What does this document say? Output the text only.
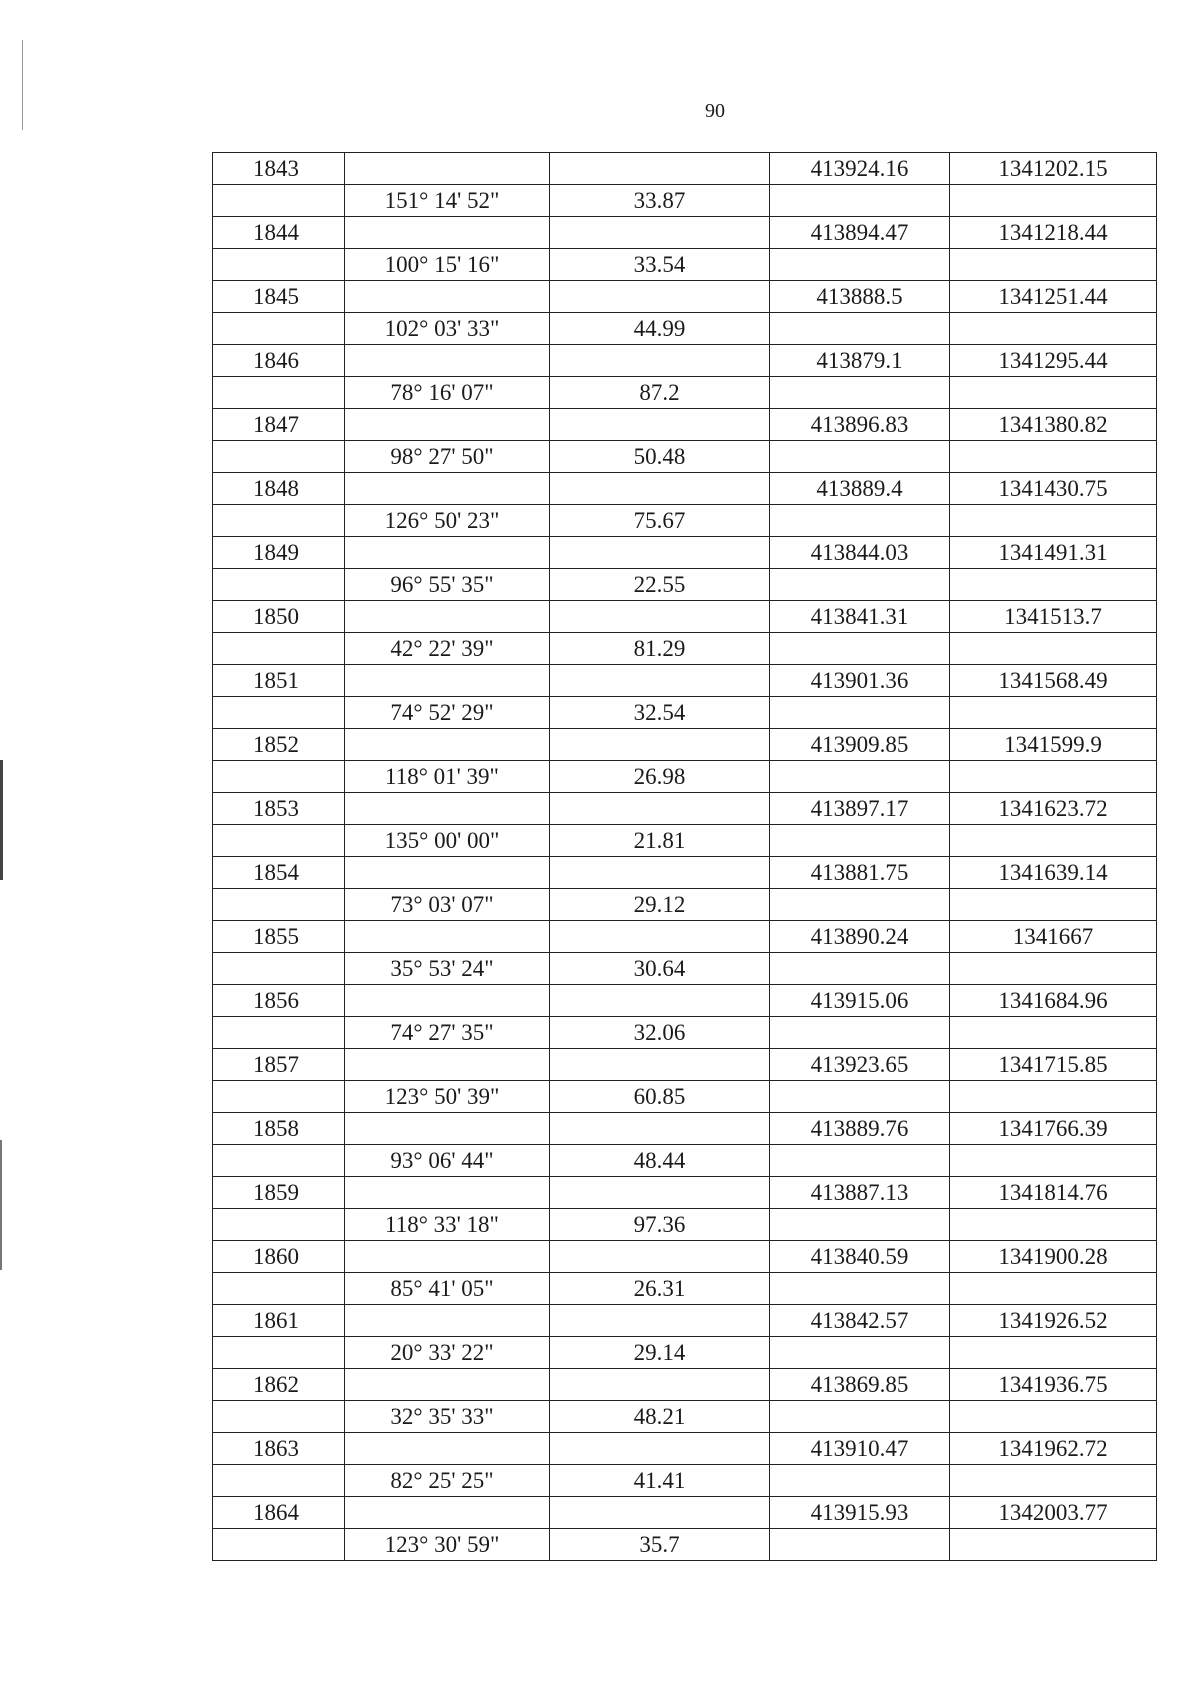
90
1843			413924.16	1341202.15
	151° 14' 52"	33.87		
1844			413894.47	1341218.44
	100° 15' 16"	33.54		
1845			413888.5	1341251.44
	102° 03' 33"	44.99		
1846			413879.1	1341295.44
	78° 16' 07"	87.2		
1847			413896.83	1341380.82
	98° 27' 50"	50.48		
1848			413889.4	1341430.75
	126° 50' 23"	75.67		
1849			413844.03	1341491.31
	96° 55' 35"	22.55		
1850			413841.31	1341513.7
	42° 22' 39"	81.29		
1851			413901.36	1341568.49
	74° 52' 29"	32.54		
1852			413909.85	1341599.9
	118° 01' 39"	26.98		
1853			413897.17	1341623.72
	135° 00' 00"	21.81		
1854			413881.75	1341639.14
	73° 03' 07"	29.12		
1855			413890.24	1341667
	35° 53' 24"	30.64		
1856			413915.06	1341684.96
	74° 27' 35"	32.06		
1857			413923.65	1341715.85
	123° 50' 39"	60.85		
1858			413889.76	1341766.39
	93° 06' 44"	48.44		
1859			413887.13	1341814.76
	118° 33' 18"	97.36		
1860			413840.59	1341900.28
	85° 41' 05"	26.31		
1861			413842.57	1341926.52
	20° 33' 22"	29.14		
1862			413869.85	1341936.75
	32° 35' 33"	48.21		
1863			413910.47	1341962.72
	82° 25' 25"	41.41		
1864			413915.93	1342003.77
	123° 30' 59"	35.7		
